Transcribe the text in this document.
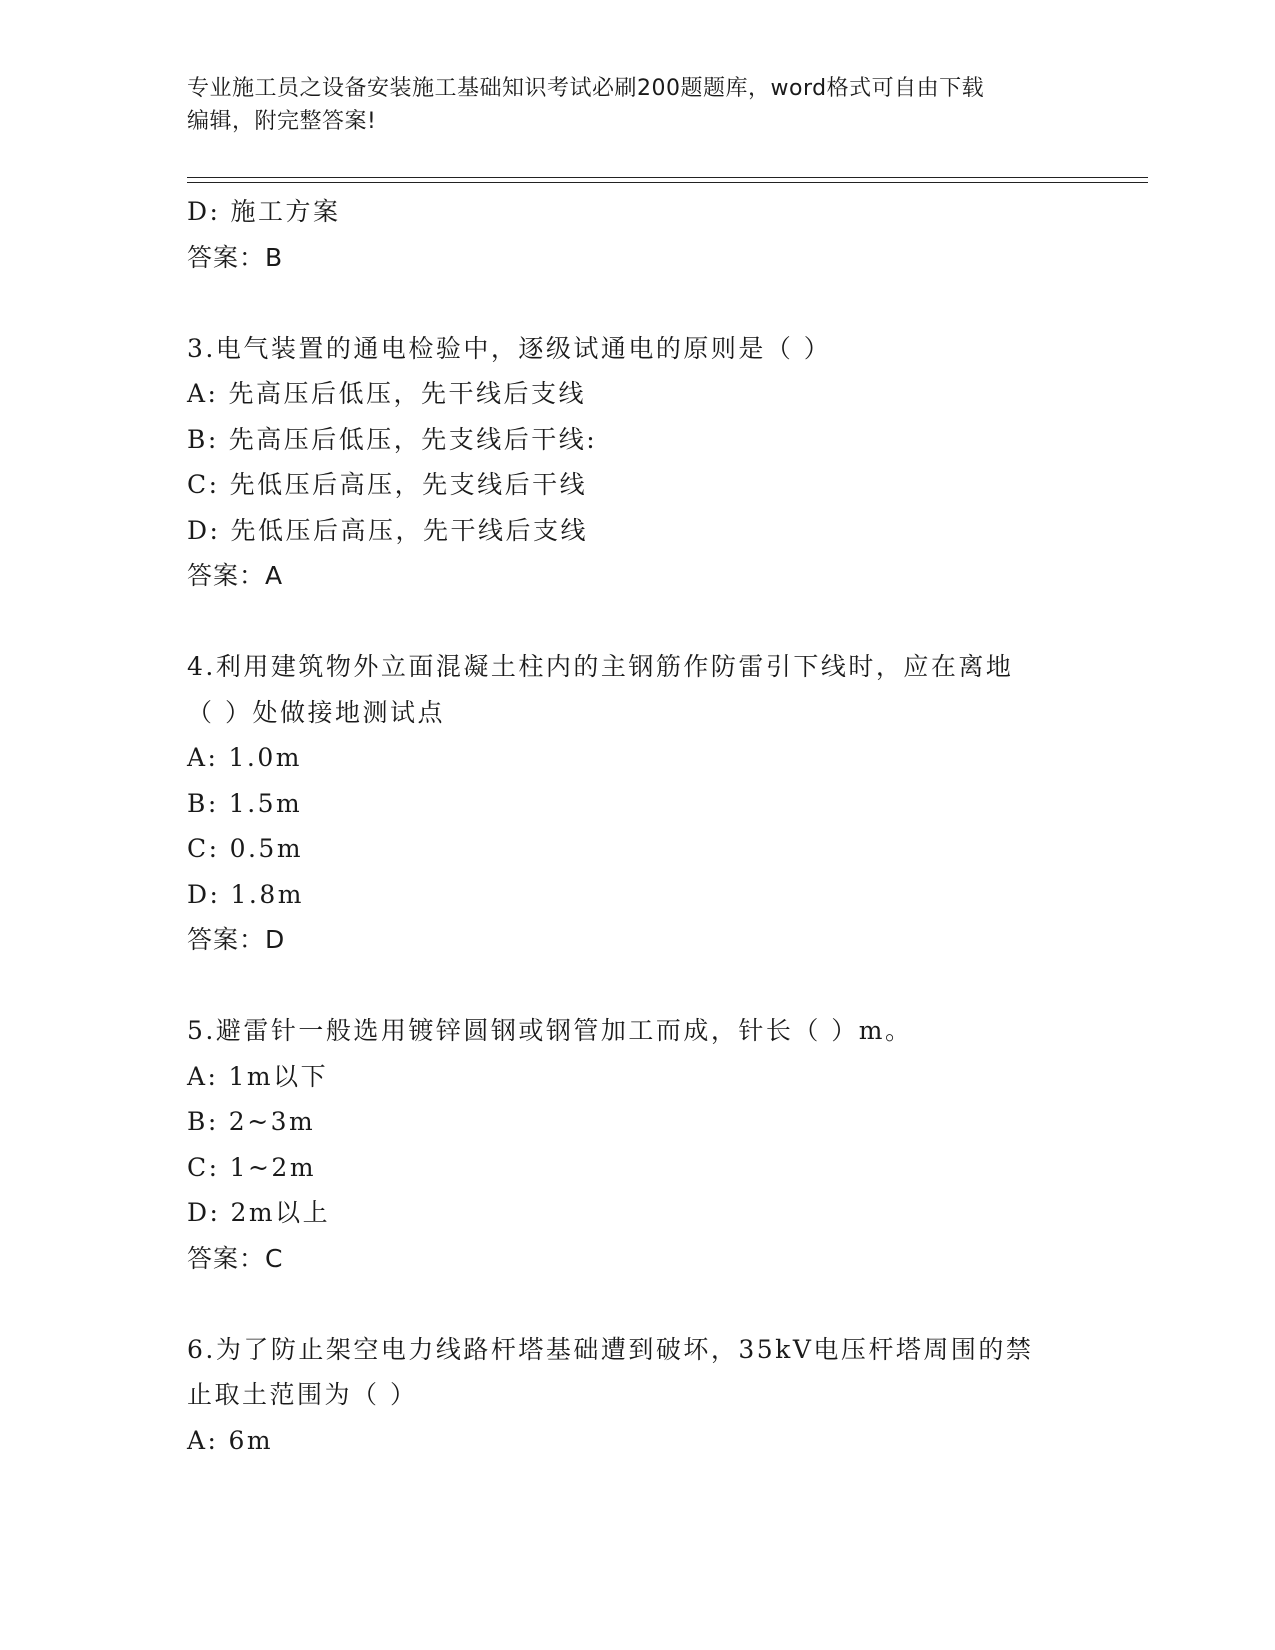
专业施工员之设备安装施工基础知识考试必刷200题题库，word格式可自由下载
编辑，附完整答案!

D: 施工方案
答案：B
3.电气装置的通电检验中，逐级试通电的原则是（ ）
A: 先高压后低压，先干线后支线
B: 先高压后低压，先支线后干线:
C: 先低压后高压，先支线后干线
D: 先低压后高压，先干线后支线
答案：A
4.利用建筑物外立面混凝土柱内的主钢筋作防雷引下线时，应在离地
（ ）处做接地测试点
A: 1.0m
B: 1.5m
C: 0.5m
D: 1.8m
答案：D
5.避雷针一般选用镀锌圆钢或钢管加工而成，针长（ ）m。
A: 1m以下
B: 2~3m
C: 1~2m
D: 2m以上
答案：C
6.为了防止架空电力线路杆塔基础遭到破坏，35kV电压杆塔周围的禁
止取土范围为（ ）
A: 6m
